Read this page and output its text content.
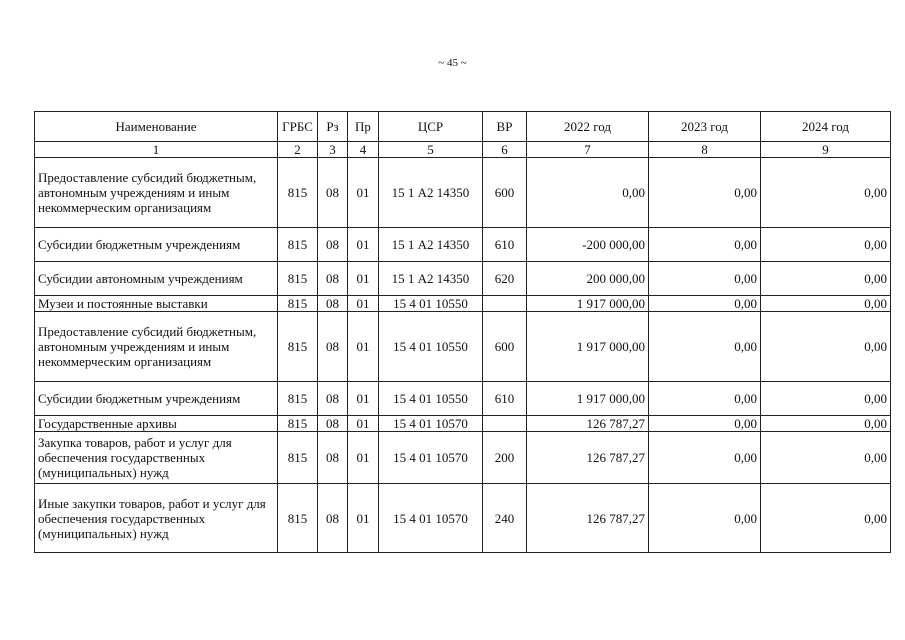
~ 45 ~
Наименование	ГРБС	Рз	Пр	ЦСР	ВР	2022 год	2023 год	2024 год
1	2	3	4	5	6	7	8	9
Предоставление субсидий бюджетным, автономным учреждениям и иным некоммерческим организациям	815	08	01	15 1 А2 14350	600	0,00	0,00	0,00
Субсидии бюджетным учреждениям	815	08	01	15 1 А2 14350	610	-200 000,00	0,00	0,00
Субсидии автономным учреждениям	815	08	01	15 1 А2 14350	620	200 000,00	0,00	0,00
Музеи и постоянные выставки	815	08	01	15 4 01 10550		1 917 000,00	0,00	0,00
Предоставление субсидий бюджетным, автономным учреждениям и иным некоммерческим организациям	815	08	01	15 4 01 10550	600	1 917 000,00	0,00	0,00
Субсидии бюджетным учреждениям	815	08	01	15 4 01 10550	610	1 917 000,00	0,00	0,00
Государственные архивы	815	08	01	15 4 01 10570		126 787,27	0,00	0,00
Закупка товаров, работ и услуг для обеспечения государственных (муниципальных) нужд	815	08	01	15 4 01 10570	200	126 787,27	0,00	0,00
Иные закупки товаров, работ и услуг для обеспечения государственных (муниципальных) нужд	815	08	01	15 4 01 10570	240	126 787,27	0,00	0,00
